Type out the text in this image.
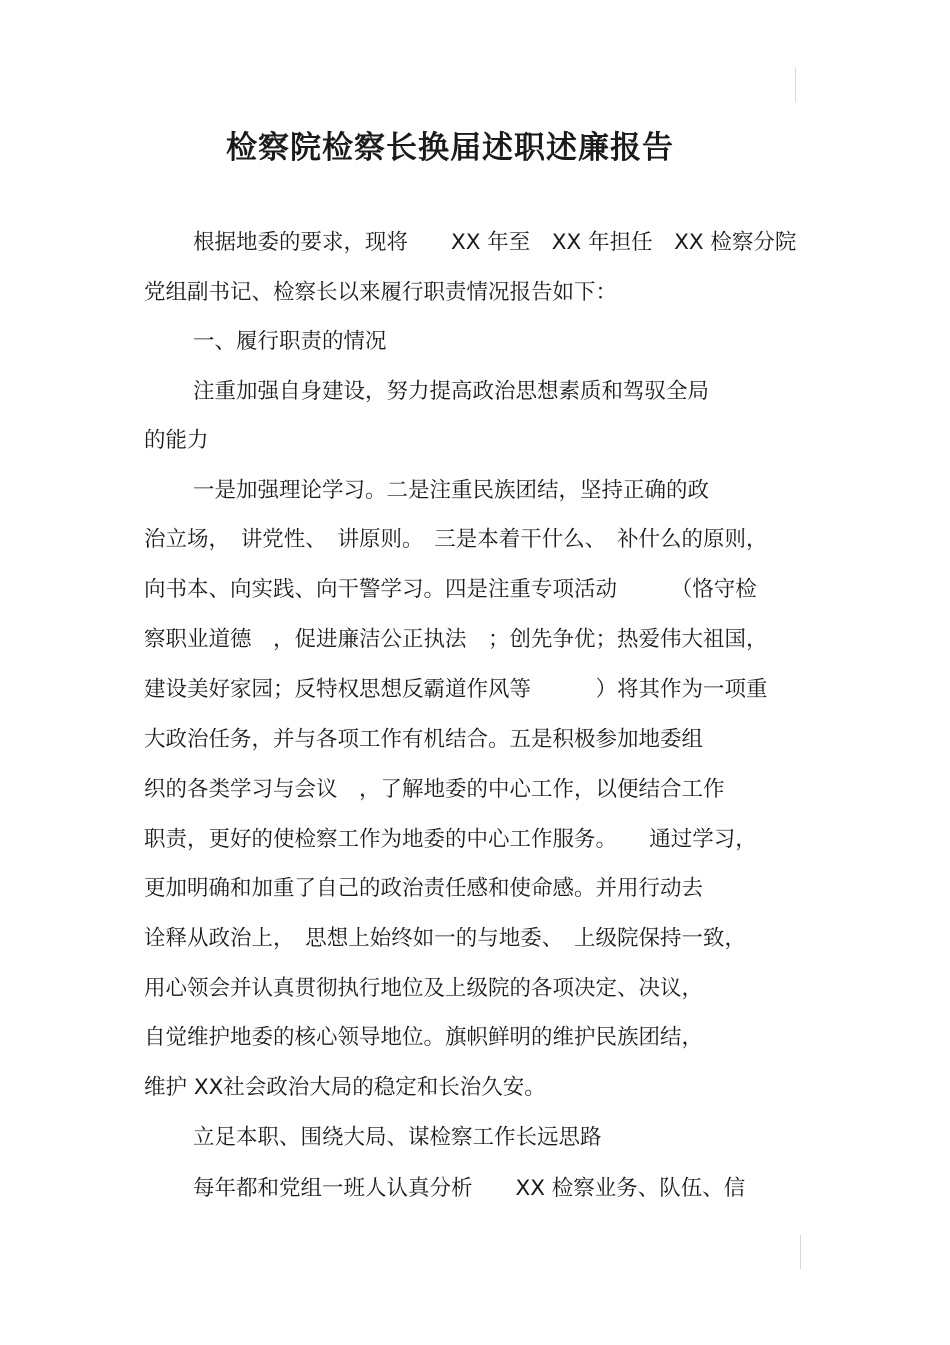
检察院检察长换届述职述廉报告
根据地委的要求，现将　　XX 年至　XX 年担任　XX 检察分院
党组副书记、检察长以来履行职责情况报告如下：
一、履行职责的情况
注重加强自身建设，努力提高政治思想素质和驾驭全局
的能力
一是加强理论学习。二是注重民族团结，坚持正确的政
治立场，　讲党性、　讲原则。　三是本着干什么、　补什么的原则，
向书本、向实践、向干警学习。四是注重专项活动　　　（恪守检
察职业道德　，促进廉洁公正执法　；创先争优；热爱伟大祖国，
建设美好家园；反特权思想反霸道作风等　　　）将其作为一项重
大政治任务，并与各项工作有机结合。五是积极参加地委组
织的各类学习与会议　，了解地委的中心工作，以便结合工作
职责，更好的使检察工作为地委的中心工作服务。　　通过学习，
更加明确和加重了自己的政治责任感和使命感。并用行动去
诠释从政治上，　思想上始终如一的与地委、　上级院保持一致，
用心领会并认真贯彻执行地位及上级院的各项决定、决议，
自觉维护地委的核心领导地位。旗帜鲜明的维护民族团结，
维护 XX社会政治大局的稳定和长治久安。
立足本职、围绕大局、谋检察工作长远思路
每年都和党组一班人认真分析　　XX 检察业务、队伍、信
